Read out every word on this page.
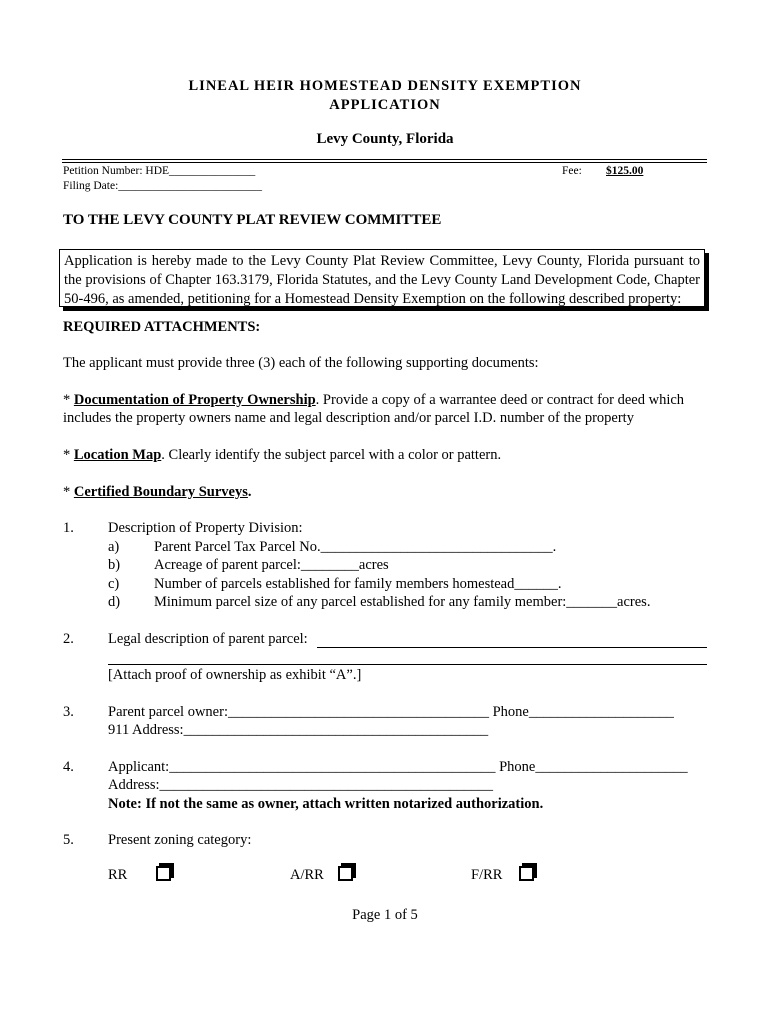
LINEAL HEIR HOMESTEAD DENSITY EXEMPTION
APPLICATION
Levy County, Florida
Petition Number: HDE_______________	Fee: $125.00
Filing Date:_________________________
TO THE LEVY COUNTY PLAT REVIEW COMMITTEE
Application is hereby made to the Levy County Plat Review Committee, Levy County, Florida pursuant to
the provisions of Chapter 163.3179, Florida Statutes, and the Levy County Land Development Code, Chapter
50-496, as amended, petitioning for a Homestead Density Exemption on the following described property:
REQUIRED ATTACHMENTS:
The applicant must provide three (3) each of the following supporting documents:
* Documentation of Property Ownership. Provide a copy of a warrantee deed or contract for deed which
includes the property owners name and legal description and/or parcel I.D. number of the property
* Location Map. Clearly identify the subject parcel with a color or pattern.
* Certified Boundary Surveys.
1. Description of Property Division:
a) Parent Parcel Tax Parcel No.________________________________.
b) Acreage of parent parcel:________acres
c) Number of parcels established for family members homestead______.
d) Minimum parcel size of any parcel established for any family member:_______acres.
2. Legal description of parent parcel:
[Attach proof of ownership as exhibit “A”.]
3. Parent parcel owner:____________________________________ Phone____________________
911 Address:__________________________________________
4. Applicant:_____________________________________________ Phone_____________________
Address:______________________________________________
Note: If not the same as owner, attach written notarized authorization.
5. Present zoning category:
RR	A/RR	F/RR
Page 1 of 5
